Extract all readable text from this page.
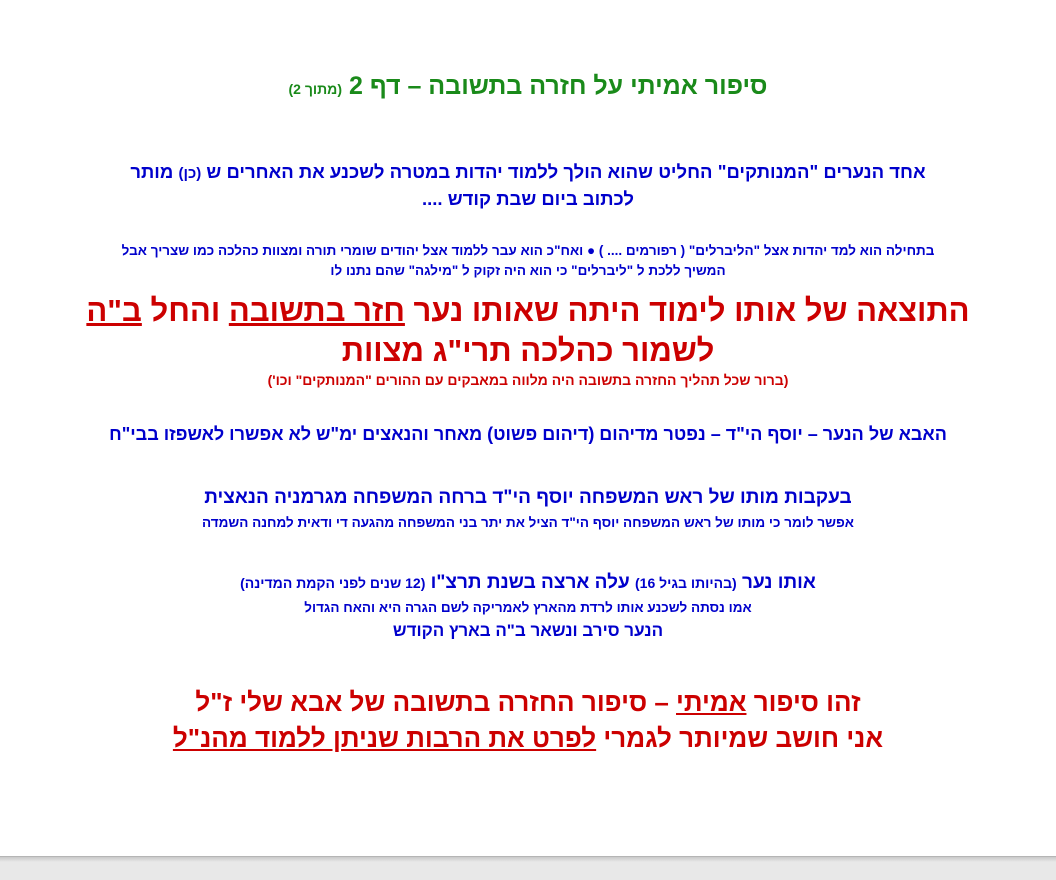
סיפור אמיתי על חזרה בתשובה – דף 2 (מתוך 2)
אחד הנערים "המנותקים" החליט שהוא הולך ללמוד יהדות במטרה לשכנע את האחרים ש (כן) מותר לכתוב ביום שבת קודש ....
בתחילה הוא למד יהדות אצל "הליברלים" ( רפורמים .... ) ● ואח"כ הוא עבר ללמוד אצל יהודים שומרי תורה ומצוות כהלכה כמו שצריך אבל
המשיך ללכת ל "ליברלים" כי הוא היה זקוק ל "מילגה" שהם נתנו לו
התוצאה של אותו לימוד היתה שאותו נער חזר בתשובה והחל ב"ה לשמור כהלכה תרי"ג מצוות
(ברור שכל תהליך החזרה בתשובה היה מלווה במאבקים עם ההורים "המנותקים" וכו')
האבא של הנער – יוסף הי"ד – נפטר מדיהום (דיהום פשוט) מאחר והנאצים ימ"ש לא אפשרו לאשפזו בבי"ח
בעקבות מותו של ראש המשפחה יוסף הי"ד ברחה המשפחה מגרמניה הנאצית
אפשר לומר כי מותו של ראש המשפחה יוסף הי"ד הציל את יתר בני המשפחה מהגעה די ודאית למחנה השמדה
אותו נער (בהיותו בגיל 16) עלה ארצה בשנת תרצ"ו (12 שנים לפני הקמת המדינה)
אמו נסתה לשכנע אותו לרדת מהארץ לאמריקה לשם הגרה היא והאח הגדול
הנער סירב ונשאר ב"ה בארץ הקודש
זהו סיפור אמיתי – סיפור החזרה בתשובה של אבא שלי ז"ל
אני חושב שמיותר לגמרי לפרט את הרבות שניתן ללמוד מהנ"ל
